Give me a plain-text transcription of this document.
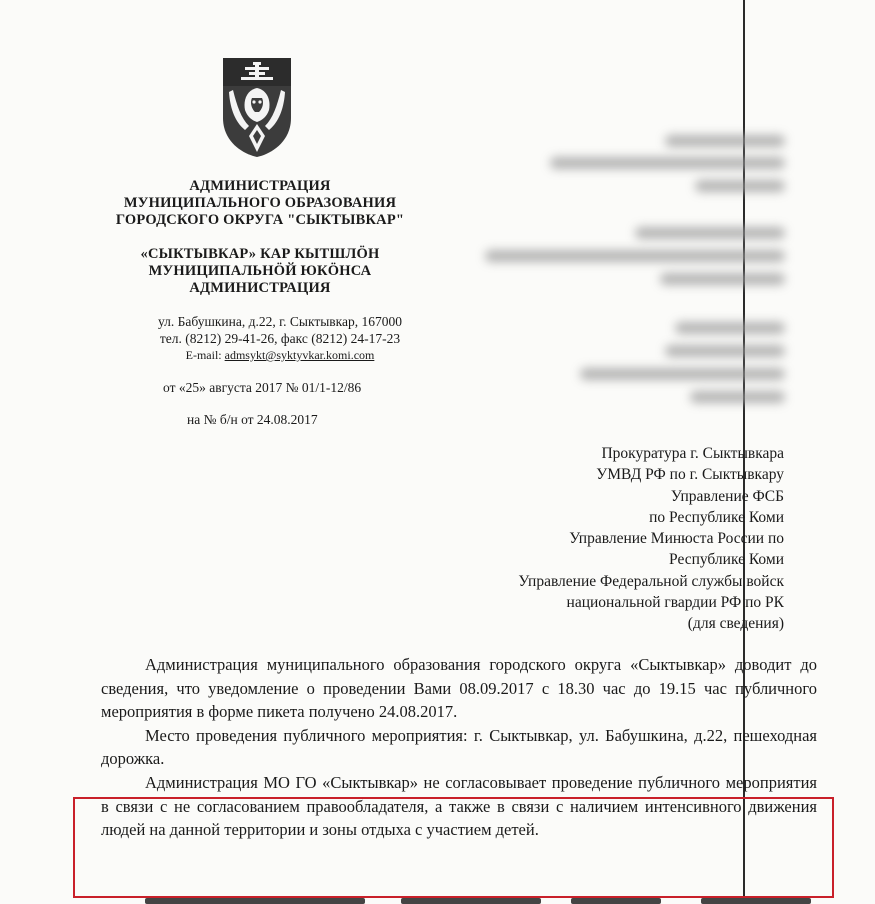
АДМИНИСТРАЦИЯ
МУНИЦИПАЛЬНОГО ОБРАЗОВАНИЯ
ГОРОДСКОГО ОКРУГА "СЫКТЫВКАР"
«СЫКТЫВКАР» КАР КЫТШЛӦН
МУНИЦИПАЛЬНӦЙ ЮКӦНСА
АДМИНИСТРАЦИЯ
ул. Бабушкина, д.22, г. Сыктывкар, 167000
тел. (8212) 29-41-26, факс (8212) 24-17-23
E-mail: admsykt@syktyvkar.komi.com
от «25» августа 2017 № 01/1-12/86
на № б/н от 24.08.2017
Прокуратура г. Сыктывкара
УМВД РФ по г. Сыктывкару
Управление ФСБ
по Республике Коми
Управление Минюста России по
Республике Коми
Управление Федеральной службы войск
национальной гвардии РФ по РК
(для сведения)

Администрация муниципального образования городского округа «Сыктывкар» доводит до сведения, что уведомление о проведении Вами 08.09.2017 с 18.30 час до 19.15 час публичного мероприятия в форме пикета получено 24.08.2017.

Место проведения публичного мероприятия: г. Сыктывкар, ул. Бабушкина, д.22, пешеходная дорожка.

Администрация МО ГО «Сыктывкар» не согласовывает проведение публичного мероприятия в связи с не согласованием правообладателя, а также в связи с наличием интенсивного движения людей на данной территории и зоны отдыха с участием детей.
